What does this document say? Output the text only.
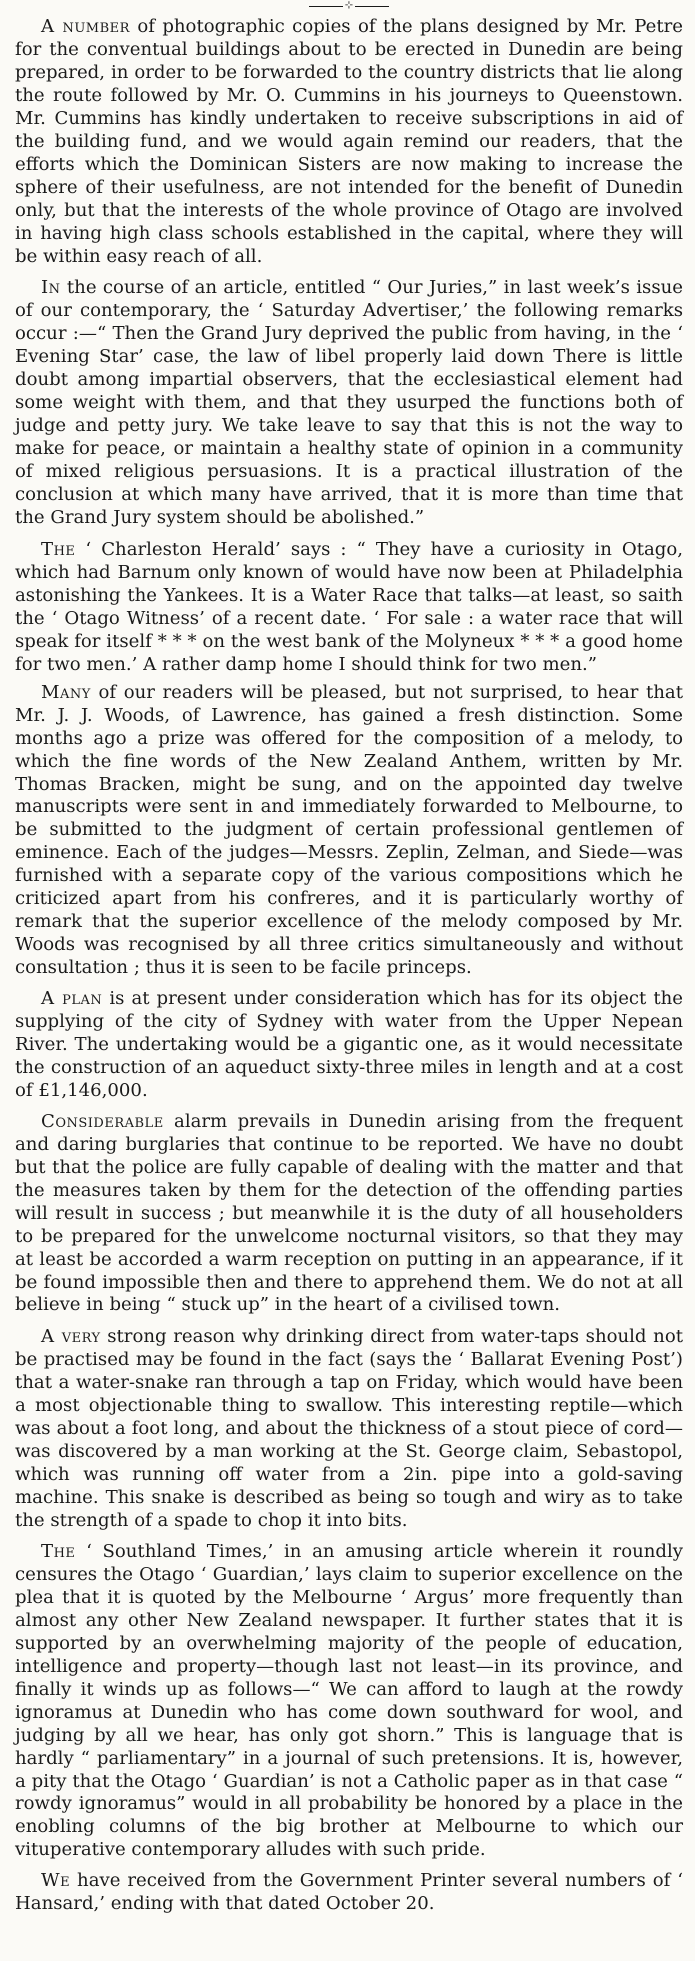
⊹

A number of photographic copies of the plans designed by Mr. Petre for the conventual buildings about to be erected in Dunedin are being prepared, in order to be forwarded to the country districts that lie along the route followed by Mr. O. Cummins in his journeys to Queenstown. Mr. Cummins has kindly undertaken to receive subscriptions in aid of the building fund, and we would again remind our readers, that the efforts which the Dominican Sisters are now making to increase the sphere of their usefulness, are not intended for the benefit of Dunedin only, but that the interests of the whole province of Otago are involved in having high class schools established in the capital, where they will be within easy reach of all.

In the course of an article, entitled “ Our Juries,” in last week’s issue of our contemporary, the ‘ Saturday Advertiser,’ the following remarks occur :—“ Then the Grand Jury deprived the public from having, in the ‘ Evening Star’ case, the law of libel properly laid down There is little doubt among impartial observers, that the ecclesiastical element had some weight with them, and that they usurped the functions both of judge and petty jury. We take leave to say that this is not the way to make for peace, or maintain a healthy state of opinion in a community of mixed religious persuasions. It is a practical illustration of the conclusion at which many have arrived, that it is more than time that the Grand Jury system should be abolished.”

The ‘ Charleston Herald’ says : “ They have a curiosity in Otago, which had Barnum only known of would have now been at Philadelphia astonishing the Yankees. It is a Water Race that talks—at least, so saith the ‘ Otago Witness’ of a recent date. ‘ For sale : a water race that will speak for itself * * * on the west bank of the Molyneux * * * a good home for two men.’ A rather damp home I should think for two men.”

Many of our readers will be pleased, but not surprised, to hear that Mr. J. J. Woods, of Lawrence, has gained a fresh distinction. Some months ago a prize was offered for the composition of a melody, to which the fine words of the New Zealand Anthem, written by Mr. Thomas Bracken, might be sung, and on the appointed day twelve manuscripts were sent in and immediately forwarded to Melbourne, to be submitted to the judgment of certain professional gentlemen of eminence. Each of the judges—Messrs. Zeplin, Zelman, and Siede—was furnished with a separate copy of the various compositions which he criticized apart from his confreres, and it is particularly worthy of remark that the superior excellence of the melody composed by Mr. Woods was recognised by all three critics simultaneously and without consultation ; thus it is seen to be facile princeps.

A plan is at present under consideration which has for its object the supplying of the city of Sydney with water from the Upper Nepean River. The undertaking would be a gigantic one, as it would necessitate the construction of an aqueduct sixty-three miles in length and at a cost of £1,146,000.

Considerable alarm prevails in Dunedin arising from the frequent and daring burglaries that continue to be reported. We have no doubt but that the police are fully capable of dealing with the matter and that the measures taken by them for the detection of the offending parties will result in success ; but meanwhile it is the duty of all householders to be prepared for the unwelcome nocturnal visitors, so that they may at least be accorded a warm reception on putting in an appearance, if it be found impossible then and there to apprehend them. We do not at all believe in being “ stuck up” in the heart of a civilised town.

A very strong reason why drinking direct from water-taps should not be practised may be found in the fact (says the ‘ Ballarat Evening Post’) that a water-snake ran through a tap on Friday, which would have been a most objectionable thing to swallow. This interesting reptile—which was about a foot long, and about the thickness of a stout piece of cord—was discovered by a man working at the St. George claim, Sebastopol, which was running off water from a 2in. pipe into a gold-saving machine. This snake is described as being so tough and wiry as to take the strength of a spade to chop it into bits.

The ‘ Southland Times,’ in an amusing article wherein it roundly censures the Otago ‘ Guardian,’ lays claim to superior excellence on the plea that it is quoted by the Melbourne ‘ Argus’ more frequently than almost any other New Zealand newspaper. It further states that it is supported by an overwhelming majority of the people of education, intelligence and property—though last not least—in its province, and finally it winds up as follows—“ We can afford to laugh at the rowdy ignoramus at Dunedin who has come down southward for wool, and judging by all we hear, has only got shorn.” This is language that is hardly “ parliamentary” in a journal of such pretensions. It is, however, a pity that the Otago ‘ Guardian’ is not a Catholic paper as in that case “ rowdy ignoramus” would in all probability be honored by a place in the enobling columns of the big brother at Melbourne to which our vituperative contemporary alludes with such pride.

We have received from the Government Printer several numbers of ‘ Hansard,’ ending with that dated October 20.
